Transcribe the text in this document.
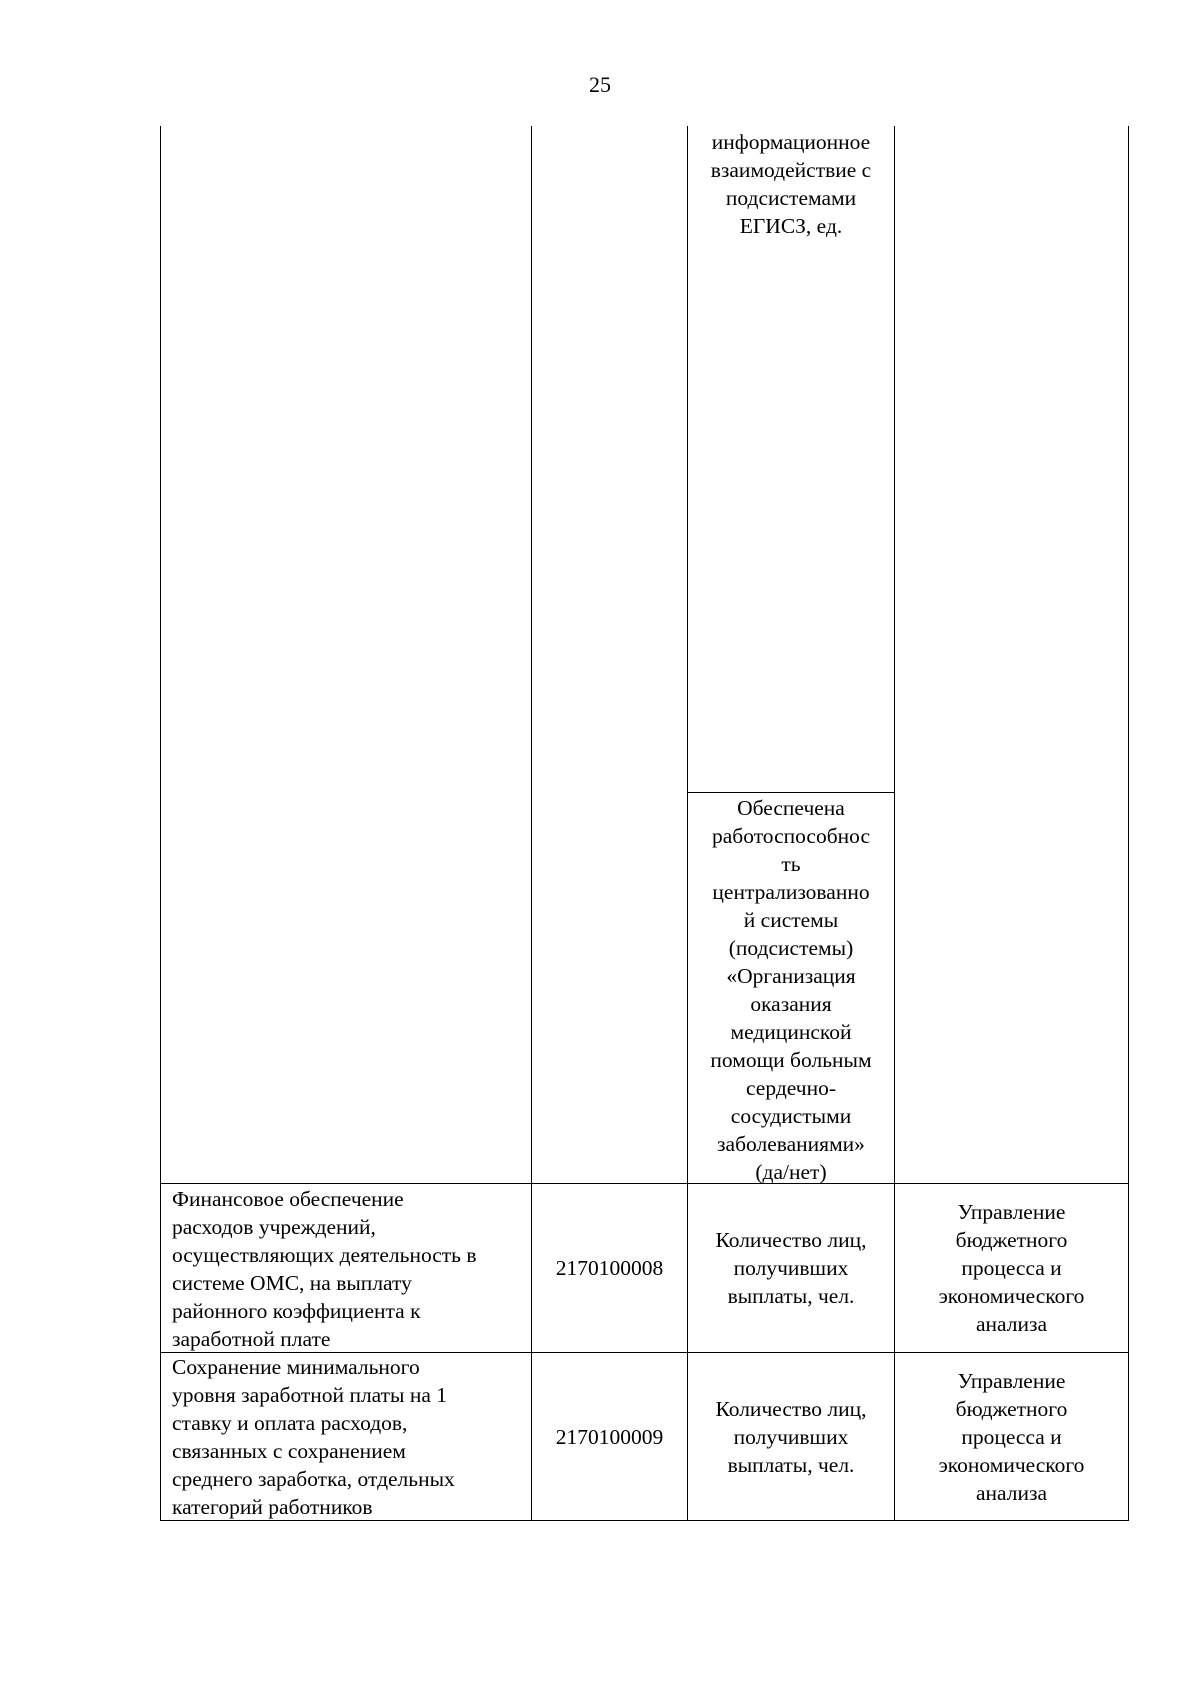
25
информационное
взаимодействие с
подсистемами
ЕГИСЗ, ед.
Обеспечена
работоспособнос
ть
централизованно
й системы
(подсистемы)
«Организация
оказания
медицинской
помощи больным
сердечно-
сосудистыми
заболеваниями»
(да/нет)
Финансовое обеспечение
расходов учреждений,
осуществляющих деятельность в
системе ОМС, на выплату
районного коэффициента к
заработной плате
2170100008
Количество лиц,
получивших
выплаты, чел.
Управление
бюджетного
процесса и
экономического
анализа
Сохранение минимального
уровня заработной платы на 1
ставку и оплата расходов,
связанных с сохранением
среднего заработка, отдельных
категорий работников
2170100009
Количество лиц,
получивших
выплаты, чел.
Управление
бюджетного
процесса и
экономического
анализа
